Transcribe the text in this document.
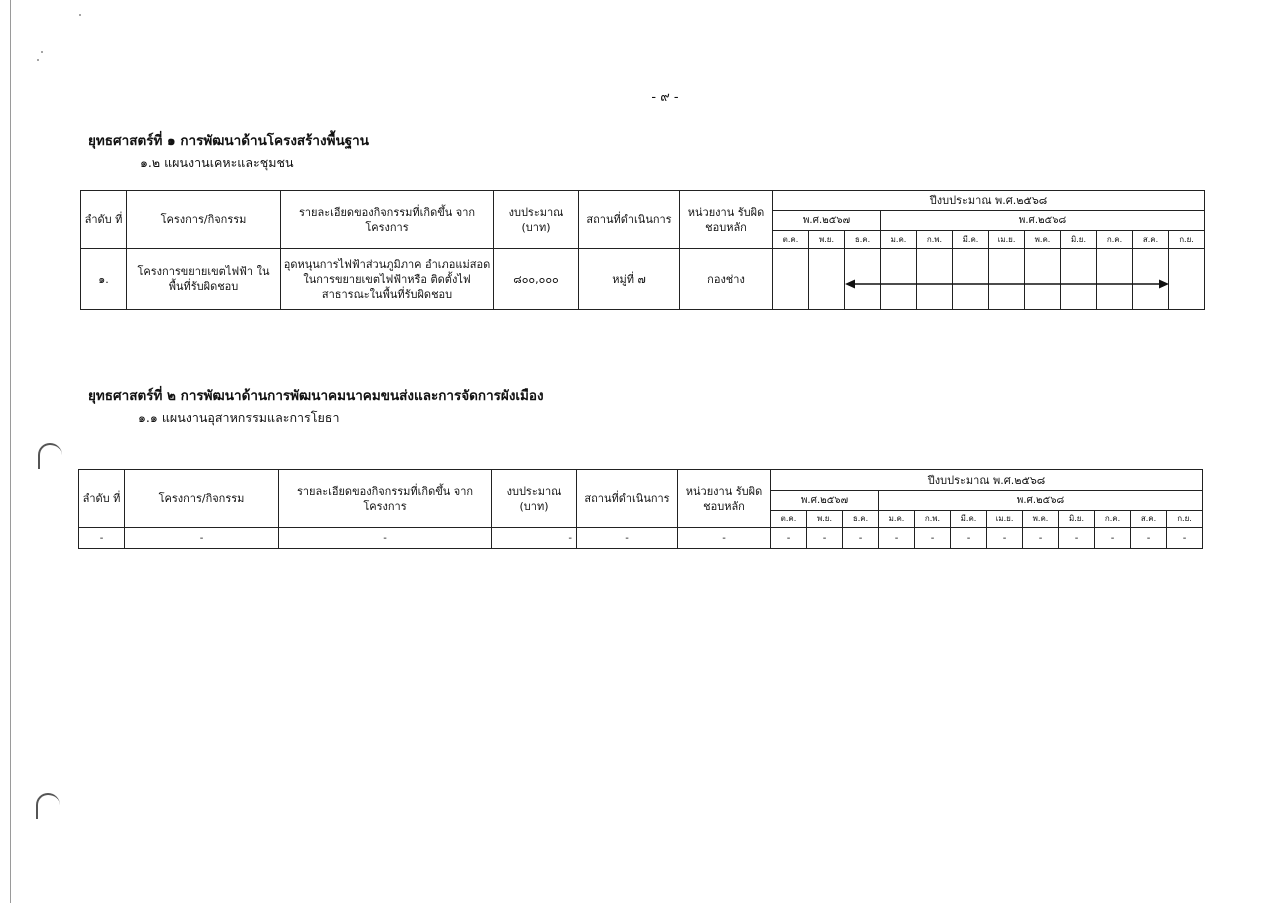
- ๙ -
ยุทธศาสตร์ที่ ๑ การพัฒนาด้านโครงสร้างพื้นฐาน
๑.๒ แผนงานเคหะและชุมชน
ลำดับ ที่	โครงการ/กิจกรรม	รายละเอียดของกิจกรรมที่เกิดขึ้น จากโครงการ	งบประมาณ (บาท)	สถานที่ดำเนินการ	หน่วยงาน รับผิดชอบหลัก	ปีงบประมาณ พ.ศ.๒๕๖๘											
						พ.ศ.๒๕๖๗			พ.ศ.๒๕๖๘								
						ต.ค.	พ.ย.	ธ.ค.	ม.ค.	ก.พ.	มี.ค.	เม.ย.	พ.ค.	มิ.ย.	ก.ค.	ส.ค.	ก.ย.
๑.	โครงการขยายเขตไฟฟ้า ในพื้นที่รับผิดชอบ	อุดหนุนการไฟฟ้าส่วนภูมิภาค อำเภอแม่สอด ในการขยายเขตไฟฟ้าหรือ ติดตั้งไฟสาธารณะในพื้นที่รับผิดชอบ	๘๐๐,๐๐๐	หมู่ที่ ๗	กองช่าง												
ยุทธศาสตร์ที่ ๒ การพัฒนาด้านการพัฒนาคมนาคมขนส่งและการจัดการผังเมือง
๑.๑ แผนงานอุสาหกรรมและการโยธา
ลำดับ ที่	โครงการ/กิจกรรม	รายละเอียดของกิจกรรมที่เกิดขึ้น จากโครงการ	งบประมาณ (บาท)	สถานที่ดำเนินการ	หน่วยงาน รับผิดชอบหลัก	ปีงบประมาณ พ.ศ.๒๕๖๘											
						พ.ศ.๒๕๖๗			พ.ศ.๒๕๖๘								
						ต.ค.	พ.ย.	ธ.ค.	ม.ค.	ก.พ.	มี.ค.	เม.ย.	พ.ค.	มิ.ย.	ก.ค.	ส.ค.	ก.ย.
-	-	-	-	-	-	-	-	-	-	-	-	-	-	-	-	-	-
